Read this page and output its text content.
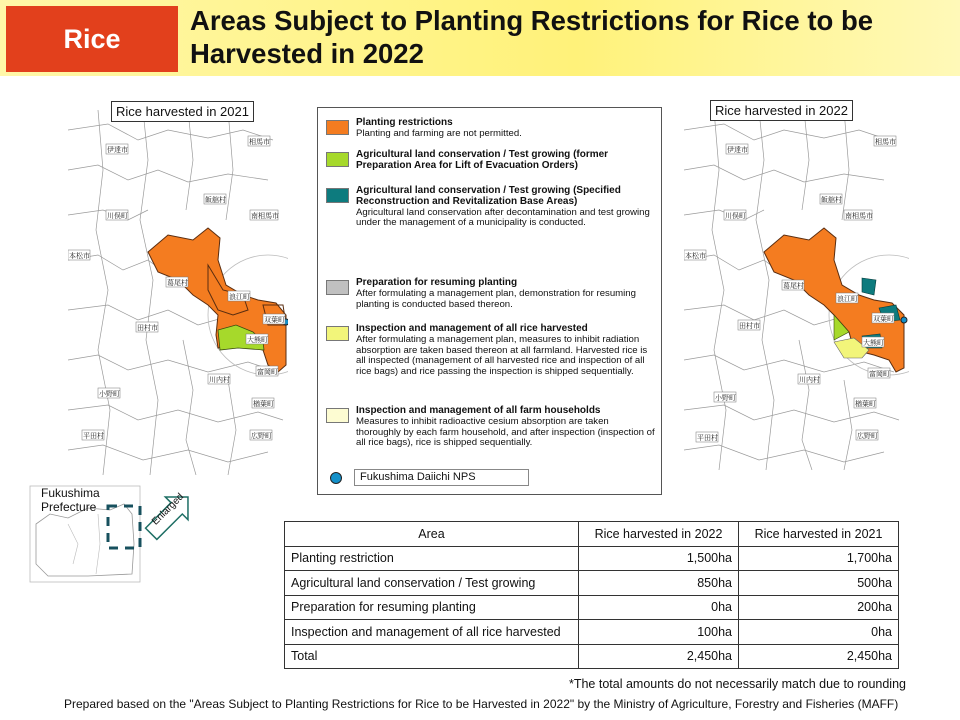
Rice
Areas Subject to Planting Restrictions for Rice to be Harvested in 2022
相馬市
伊達市
飯舘村
南相馬市
川俣町
本松市
葛尾村
浪江町
双葉町
大熊町
田村市
富岡町
川内村
楢葉町
小野町
広野町
平田村
Rice harvested in 2021
相馬市
伊達市
飯舘村
南相馬市
川俣町
本松市
葛尾村
浪江町
双葉町
大熊町
田村市
富岡町
川内村
楢葉町
小野町
広野町
平田村
Rice harvested in 2022
Planting restrictions
Planting and farming are not permitted.
Agricultural land conservation / Test growing (former Preparation Area for Lift of Evacuation Orders)
Agricultural land conservation / Test growing (Specified Reconstruction and Revitalization Base Areas)
Agricultural land conservation after decontamination and test growing under the management of a municipality is conducted.
Preparation for resuming planting
After formulating a management plan, demonstration for resuming planting is conducted based thereon.
Inspection and management of all rice harvested
After formulating a management plan, measures to inhibit radiation absorption are taken based thereon at all farmland. Harvested rice is all inspected (management of all harvested rice and inspection of all rice bags) and rice passing the inspection is shipped sequentially.
Inspection and management of all farm households
Measures to inhibit radioactive cesium absorption are taken thoroughly by each farm household, and after inspection (inspection of all rice bags), rice is shipped sequentially.
Fukushima Daiichi NPS
Fukushima
Prefecture	Enlarged
Area	Rice harvested in 2022	Rice harvested in 2021
Planting restriction	1,500ha	1,700ha
Agricultural land conservation / Test growing	850ha	500ha
Preparation for resuming planting	0ha	200ha
Inspection and management of all rice harvested	100ha	0ha
Total	2,450ha	2,450ha
*The total amounts do not necessarily match due to rounding
Prepared based on the "Areas Subject to Planting Restrictions for Rice to be Harvested in 2022" by the Ministry of Agriculture, Forestry and Fisheries (MAFF)
